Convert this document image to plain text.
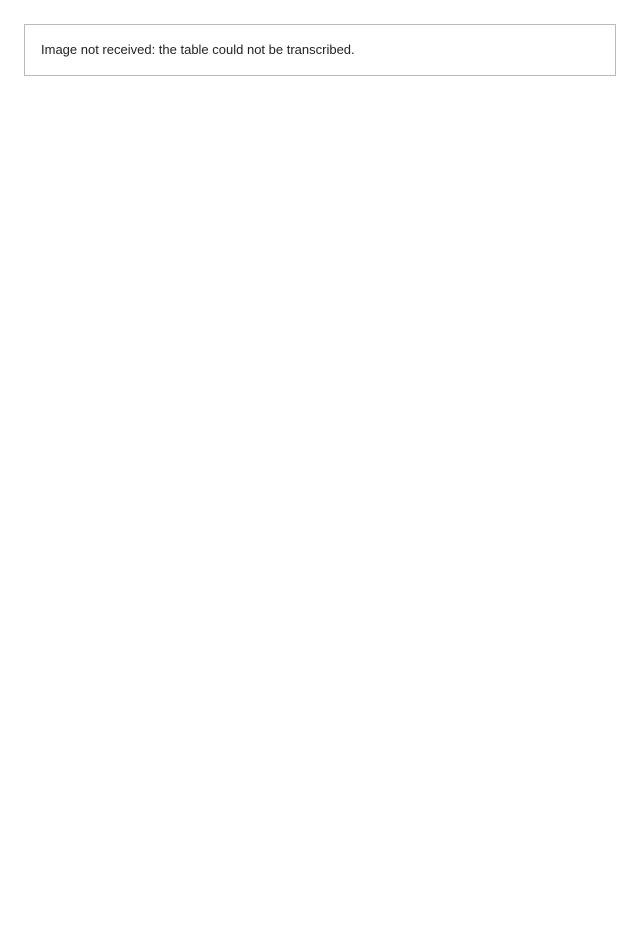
Image not received: the table could not be transcribed.
